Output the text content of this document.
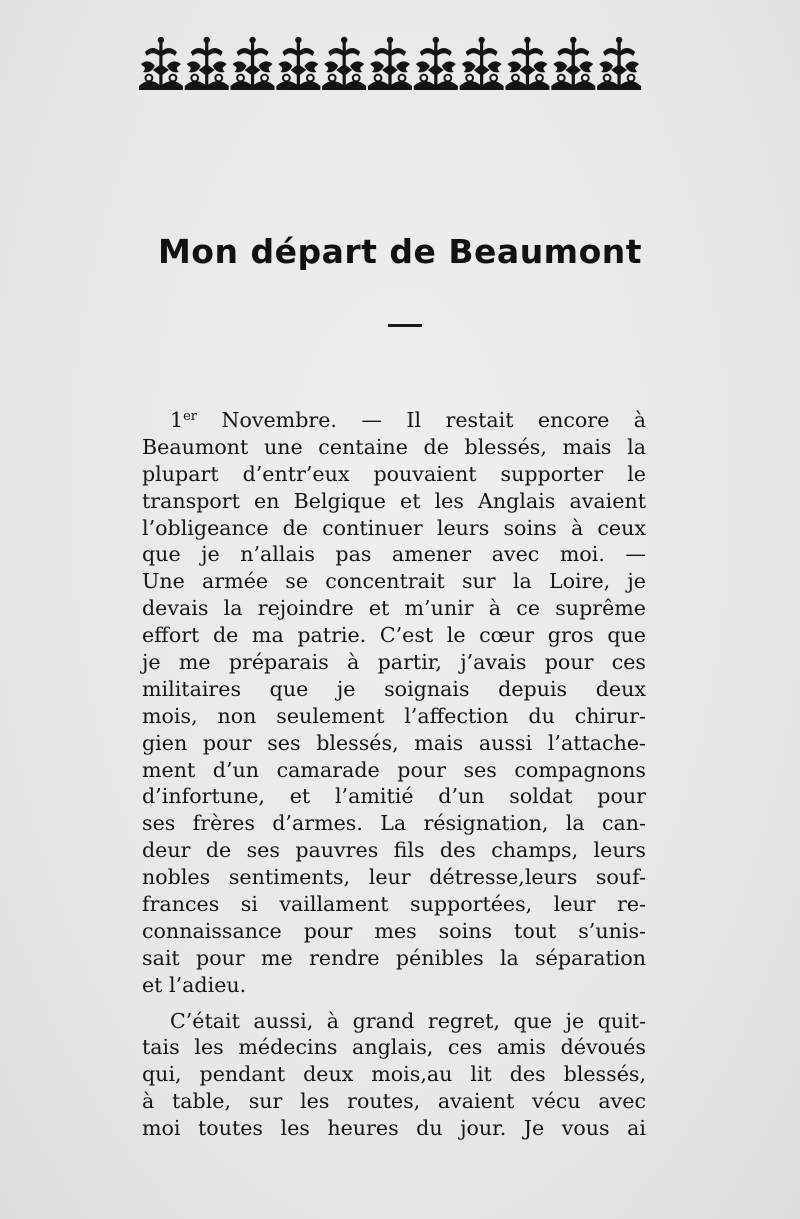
Mon départ de Beaumont

1er Novembre. — Il restait encore à
Beaumont une centaine de blessés, mais la
plupart d’entr’eux pouvaient supporter le
transport en Belgique et les Anglais avaient
l’obligeance de continuer leurs soins à ceux
que je n’allais pas amener avec moi. —
Une armée se concentrait sur la Loire, je
devais la rejoindre et m’unir à ce suprême
effort de ma patrie. C’est le cœur gros que
je me préparais à partir, j’avais pour ces
militaires que je soignais depuis deux
mois, non seulement l’affection du chirur-
gien pour ses blessés, mais aussi l’attache-
ment d’un camarade pour ses compagnons
d’infortune, et l’amitié d’un soldat pour
ses frères d’armes. La résignation, la can-
deur de ses pauvres fils des champs, leurs
nobles sentiments, leur détresse,leurs souf-
frances si vaillament supportées, leur re-
connaissance pour mes soins tout s’unis-
sait pour me rendre pénibles la séparation
et l’adieu.

C’était aussi, à grand regret, que je quit-
tais les médecins anglais, ces amis dévoués
qui, pendant deux mois,au lit des blessés,
à table, sur les routes, avaient vécu avec
moi toutes les heures du jour. Je vous ai
